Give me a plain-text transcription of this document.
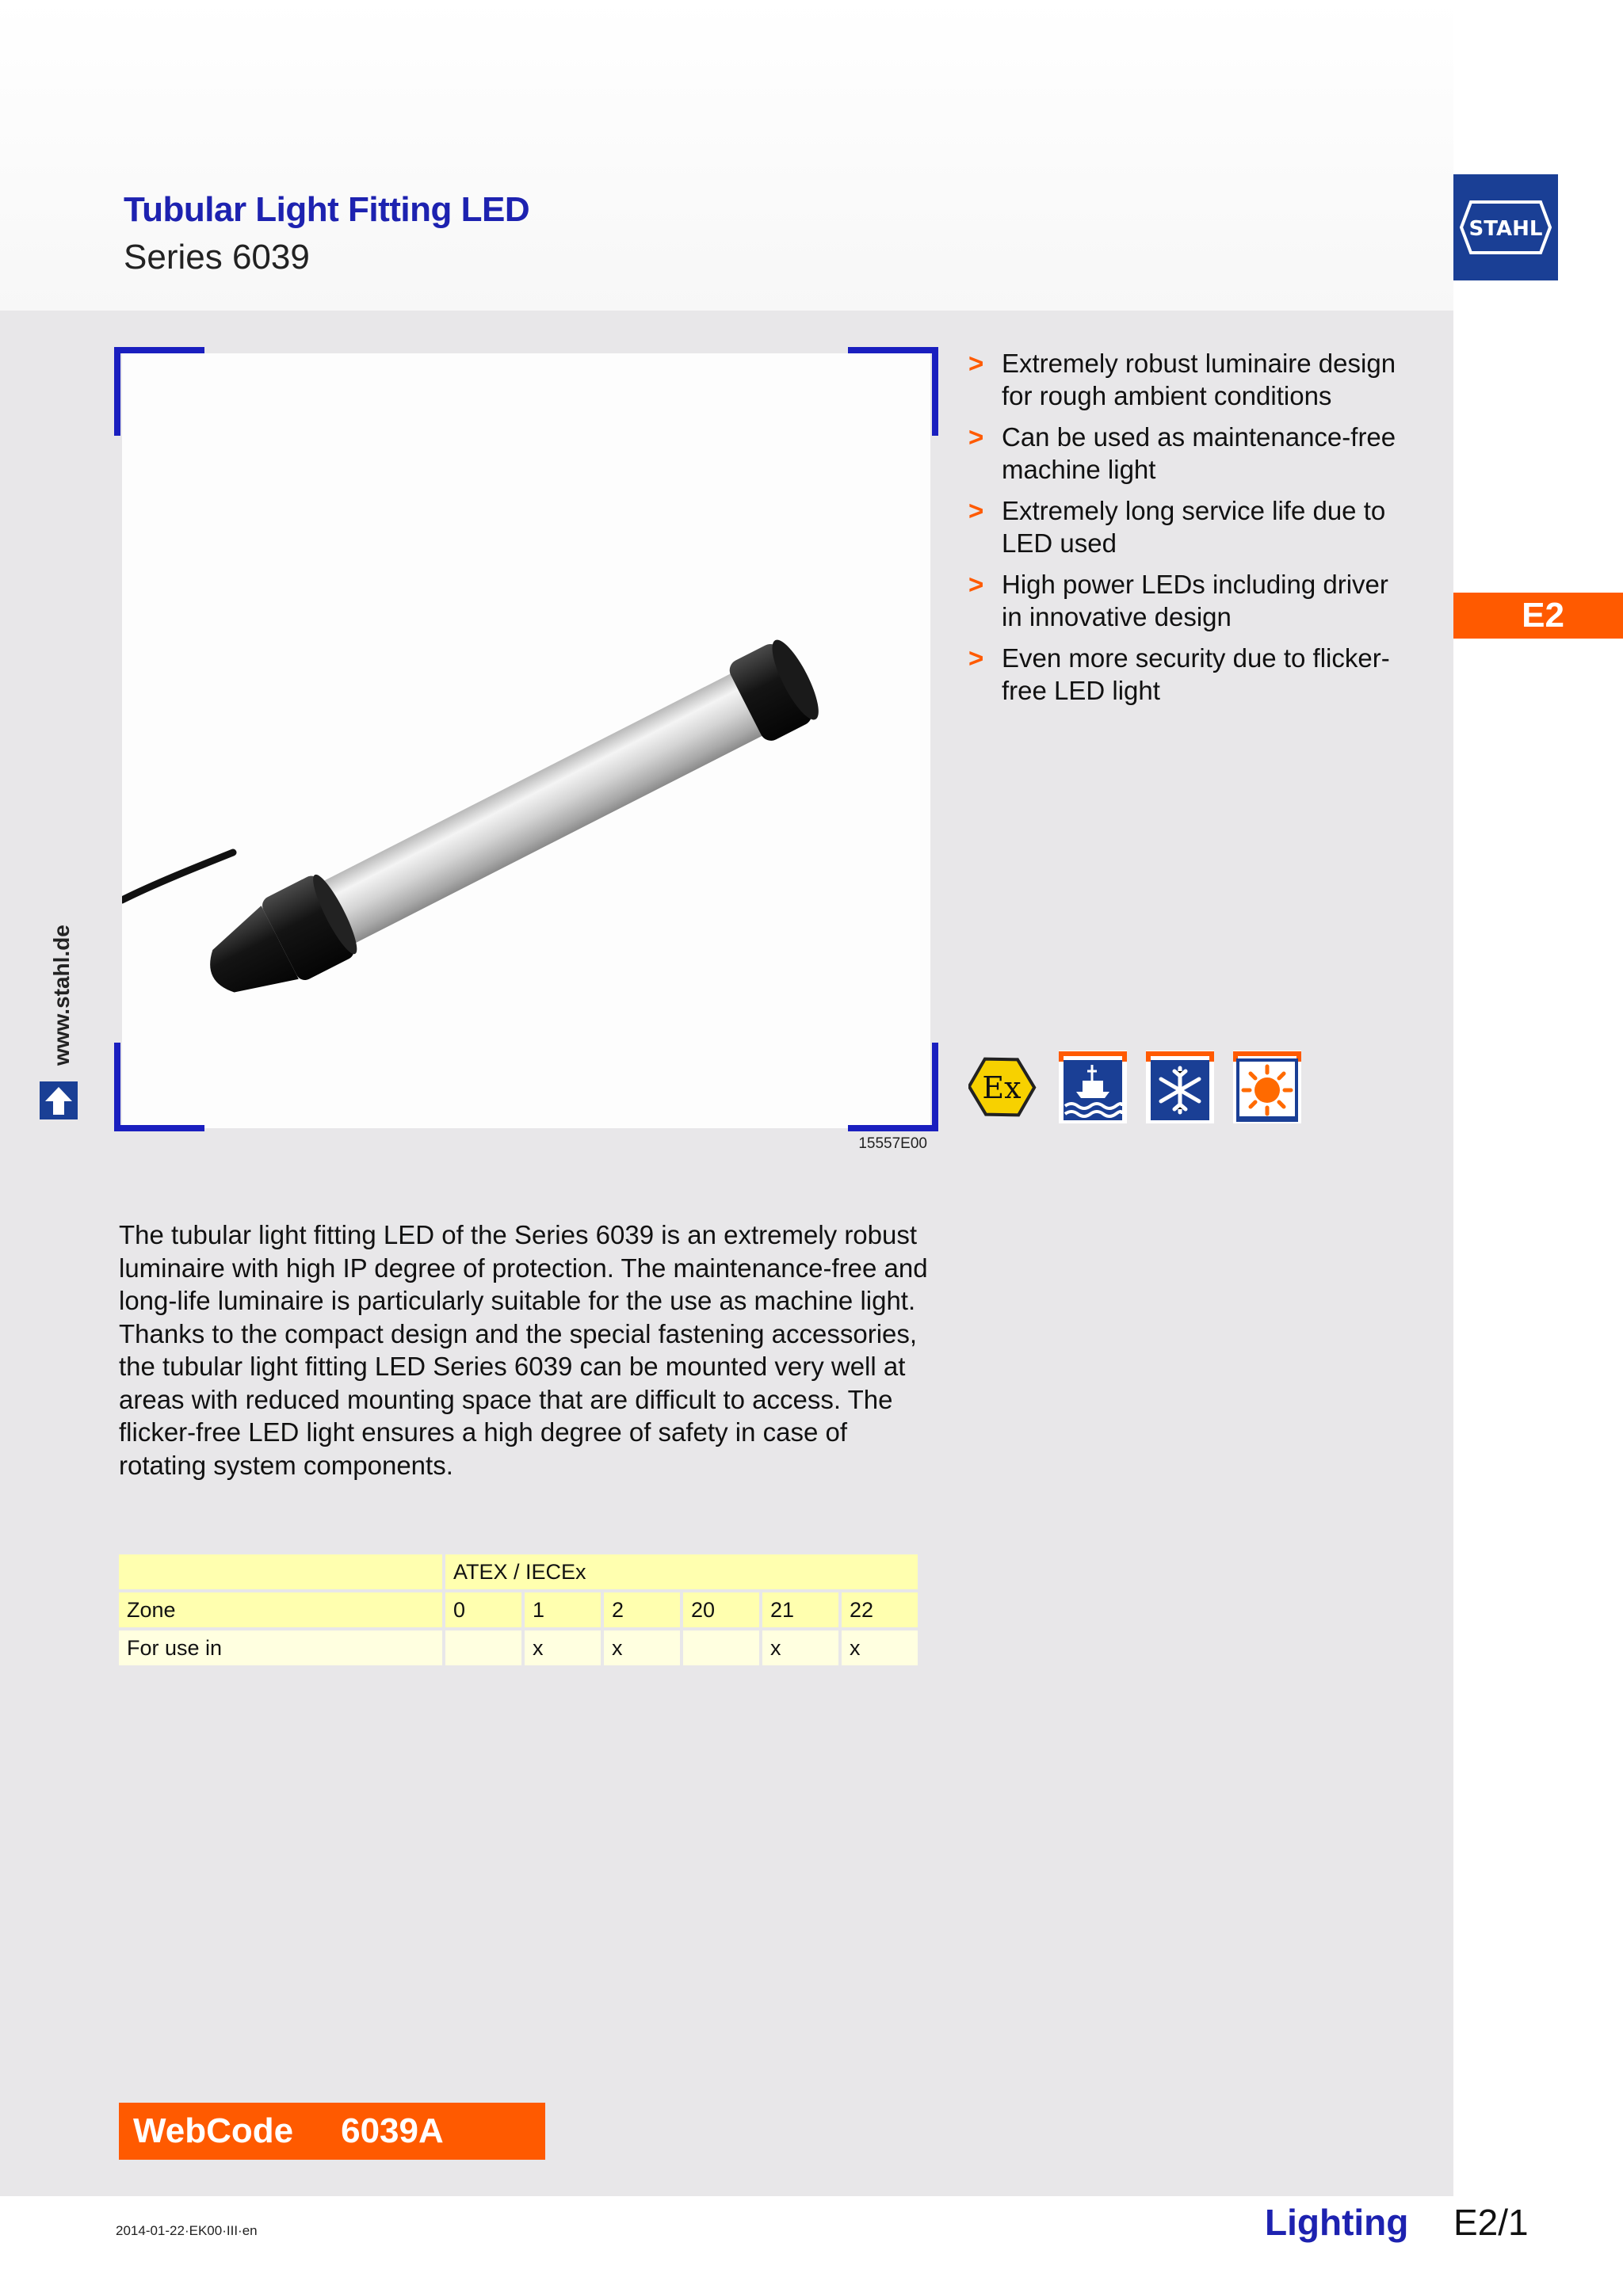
Tubular Light Fitting LED
Series 6039
STAHL
www.stahl.de
15557E00
> Extremely robust luminaire design for rough ambient conditions
> Can be used as maintenance-free machine light
> Extremely long service life due to LED used
> High power LEDs including driver in innovative design
> Even more security due to flicker-free LED light
E2
Ex

The tubular light fitting LED of the Series 6039 is an extremely robust luminaire with high IP degree of protection. The maintenance-free and long-life luminaire is particularly suitable for the use as machine light. Thanks to the compact design and the special fastening accessories, the tubular light fitting LED Series 6039 can be mounted very well at areas with reduced mounting space that are difficult to access. The flicker-free LED light ensures a high degree of safety in case of rotating system components.

	ATEX / IECEx					
Zone	0	1	2	20	21	22
For use in		x	x		x	x
WebCode 6039A
2014-01-22·EK00·III·en	Lighting E2/1
